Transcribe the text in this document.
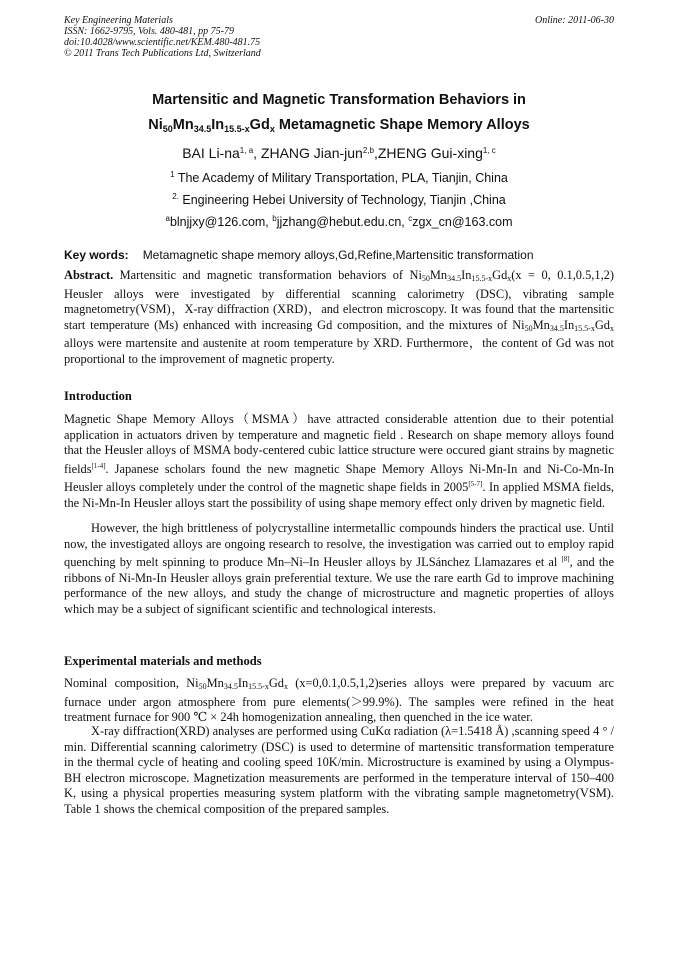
Key Engineering Materials
ISSN: 1662-9795, Vols. 480-481, pp 75-79
doi:10.4028/www.scientific.net/KEM.480-481.75
© 2011 Trans Tech Publications Ltd, Switzerland
Online: 2011-06-30
Martensitic and Magnetic Transformation Behaviors in
$Ni_{50}Mn_{34.5}In_{15.5-x}Gd_x$ Metamagnetic Shape Memory Alloys
BAI Li-na$^{1, a}$, ZHANG Jian-jun$^{2,b}$,ZHENG Gui-xing$^{1, c}$
$^1$ The Academy of Military Transportation, PLA, Tianjin, China
$^{2.}$ Engineering Hebei University of Technology, Tianjin ,China
$^a$blnjjxy@126.com, $^b$jjzhang@hebut.edu.cn, $^c$zgx_cn@163.com
Key words: Metamagnetic shape memory alloys,Gd,Refine,Martensitic transformation
Abstract. Martensitic and magnetic transformation behaviors of Ni50Mn34.5In15.5-xGdx(x = 0, 0.1,0.5,1,2) Heusler alloys were investigated by differential scanning calorimetry (DSC), vibrating sample magnetometry(VSM)，X-ray diffraction (XRD)，and electron microscopy. It was found that the martensitic start temperature (Ms) enhanced with increasing Gd composition, and the mixtures of Ni50Mn34.5In15.5-xGdx alloys were martensite and austenite at room temperature by XRD. Furthermore，the content of Gd was not proportional to the improvement of magnetic property.
Introduction
Magnetic Shape Memory Alloys（MSMA）have attracted considerable attention due to their potential application in actuators driven by temperature and magnetic field . Research on shape memory alloys found that the Heusler alloys of MSMA body-centered cubic lattice structure were occured giant strains by magnetic fields[1-4]. Japanese scholars found the new magnetic Shape Memory Alloys Ni-Mn-In and Ni-Co-Mn-In Heusler alloys completely under the control of the magnetic shape fields in 2005[5-7]. In applied MSMA fields, the Ni-Mn-In Heusler alloys start the possibility of using shape memory effect only driven by magnetic field.
However, the high brittleness of polycrystalline intermetallic compounds hinders the practical use. Until now, the investigated alloys are ongoing research to resolve, the investigation was carried out to employ rapid quenching by melt spinning to produce Mn–Ni–In Heusler alloys by JLSánchez Llamazares et al [8], and the ribbons of Ni-Mn-In Heusler alloys grain preferential texture. We use the rare earth Gd to improve machining performance of the new alloys, and study the change of microstructure and magnetic properties of alloys which may be a subject of significant scientific and technological interests.
Experimental materials and methods
Nominal composition, Ni50Mn34.5In15.5-xGdx (x=0,0.1,0.5,1,2)series alloys were prepared by vacuum arc furnace under argon atmosphere from pure elements(＞99.9%). The samples were refined in the heat treatment furnace for 900 ℃ × 24h homogenization annealing, then quenched in the ice water.
X-ray diffraction(XRD) analyses are performed using CuKα radiation (λ=1.5418 Å) ,scanning speed 4 ° / min. Differential scanning calorimetry (DSC) is used to determine of martensitic transformation temperature in the thermal cycle of heating and cooling speed 10K/min. Microstructure is examined by using a Olympus-BH electron microscope. Magnetization measurements are performed in the temperature interval of 150–400 K, using a physical properties measuring system platform with the vibrating sample magnetometry(VSM). Table 1 shows the chemical composition of the prepared samples.
